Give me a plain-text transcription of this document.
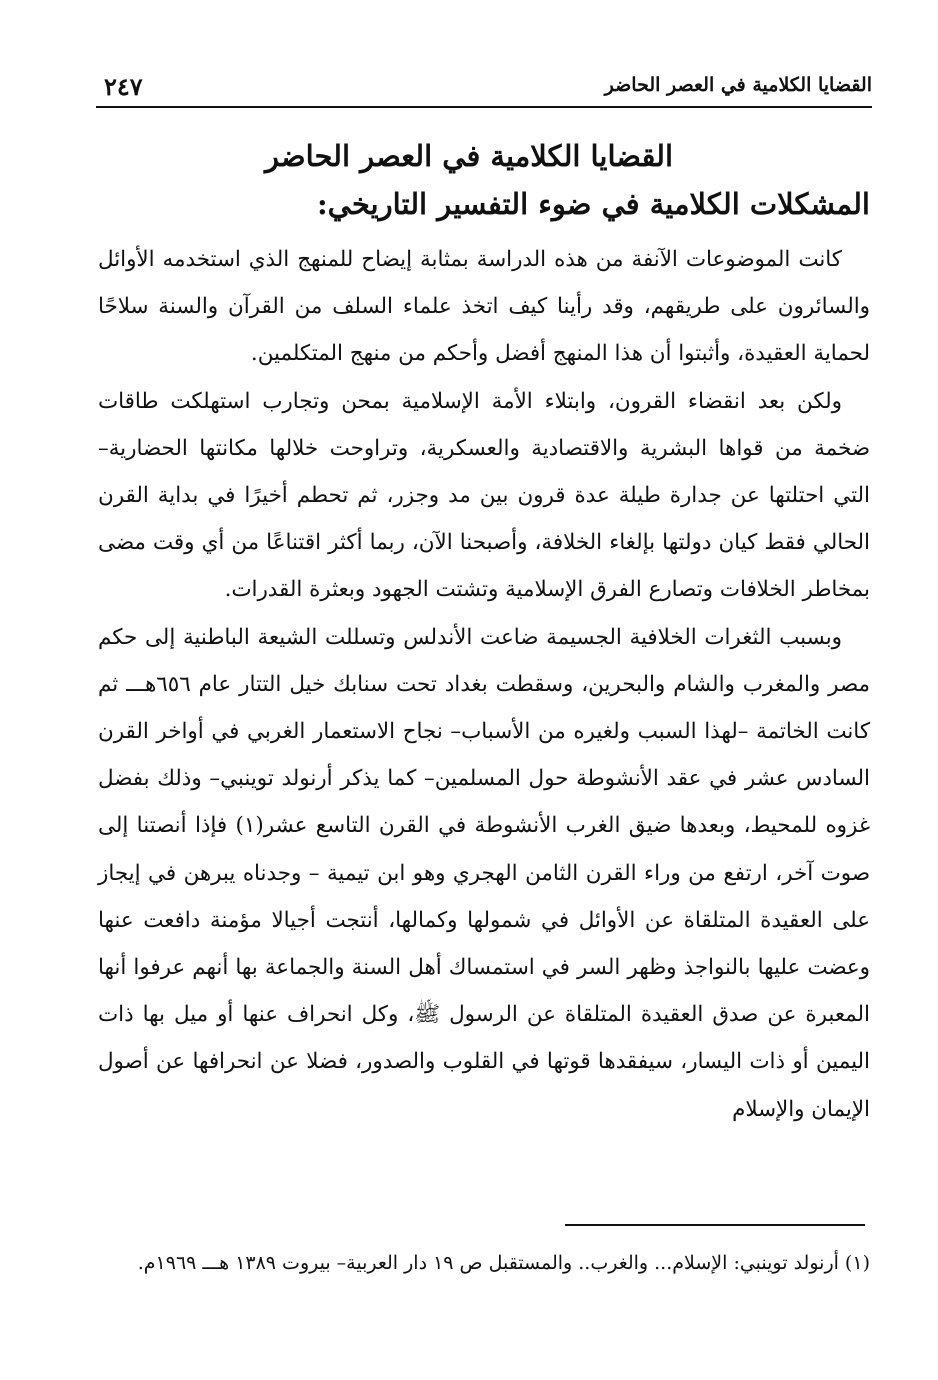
القضايا الكلامية في العصر الحاضر
٢٤٧
القضايا الكلامية في العصر الحاضر
المشكلات الكلامية في ضوء التفسير التاريخي:

كانت الموضوعات الآنفة من هذه الدراسة بمثابة إيضاح للمنهج الذي استخدمه الأوائل والسائرون على طريقهم، وقد رأينا كيف اتخذ علماء السلف من القرآن والسنة سلاحًا لحماية العقيدة، وأثبتوا أن هذا المنهج أفضل وأحكم من منهج المتكلمين.

ولكن بعد انقضاء القرون، وابتلاء الأمة الإسلامية بمحن وتجارب استهلكت طاقات ضخمة من قواها البشرية والاقتصادية والعسكرية، وتراوحت خلالها مكانتها الحضارية– التي احتلتها عن جدارة طيلة عدة قرون بين مد وجزر، ثم تحطم أخيرًا في بداية القرن الحالي فقط كيان دولتها بإلغاء الخلافة، وأصبحنا الآن، ربما أكثر اقتناعًا من أي وقت مضى بمخاطر الخلافات وتصارع الفرق الإسلامية وتشتت الجهود وبعثرة القدرات.

وبسبب الثغرات الخلافية الجسيمة ضاعت الأندلس وتسللت الشيعة الباطنية إلى حكم مصر والمغرب والشام والبحرين، وسقطت بغداد تحت سنابك خيل التتار عام ٦٥٦هـــ ثم كانت الخاتمة –لهذا السبب ولغيره من الأسباب– نجاح الاستعمار الغربي في أواخر القرن السادس عشر في عقد الأنشوطة حول المسلمين– كما يذكر أرنولد توينبي– وذلك بفضل غزوه للمحيط، وبعدها ضيق الغرب الأنشوطة في القرن التاسع عشر(١) فإذا أنصتنا إلى صوت آخر، ارتفع من وراء القرن الثامن الهجري وهو ابن تيمية – وجدناه يبرهن في إيجاز على العقيدة المتلقاة عن الأوائل في شمولها وكمالها، أنتجت أجيالا مؤمنة دافعت عنها وعضت عليها بالنواجذ وظهر السر في استمساك أهل السنة والجماعة بها أنهم عرفوا أنها المعبرة عن صدق العقيدة المتلقاة عن الرسول ﷺ، وكل انحراف عنها أو ميل بها ذات اليمين أو ذات اليسار، سيفقدها قوتها في القلوب والصدور، فضلا عن انحرافها عن أصول الإيمان والإسلام

(١) أرنولد توينبي: الإسلام... والغرب.. والمستقبل ص ١٩ دار العربية– بيروت ١٣٨٩ هـــ ١٩٦٩م.
